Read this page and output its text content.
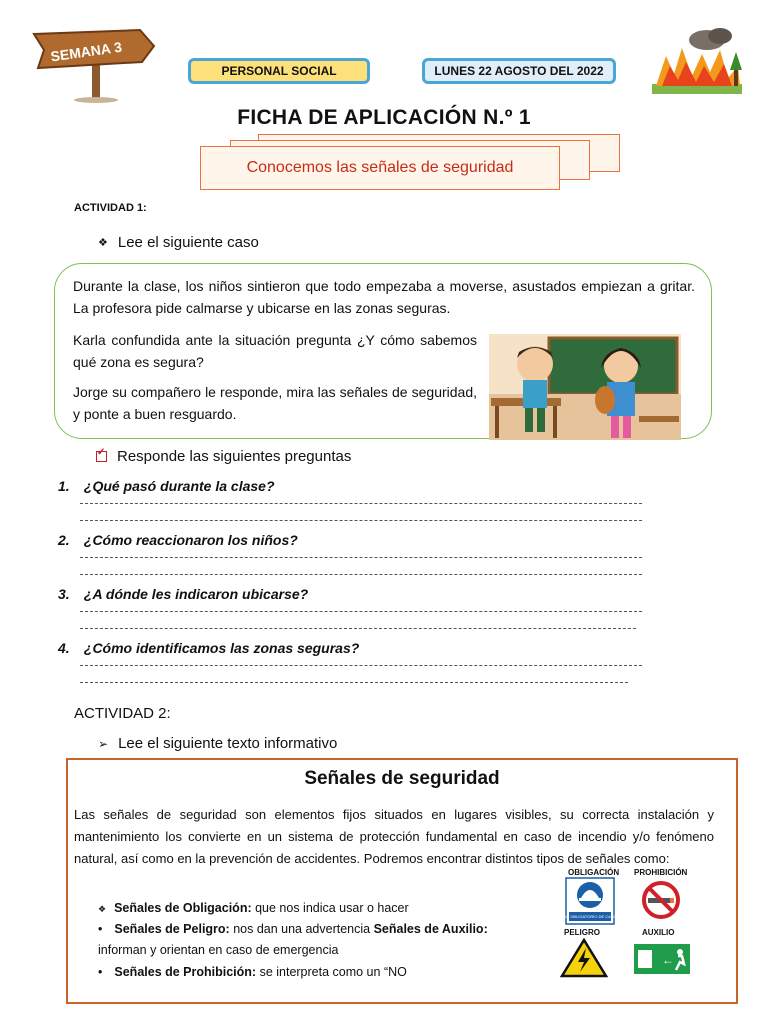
SEMANA 3
PERSONAL SOCIAL	LUNES 22 AGOSTO DEL 2022
FICHA DE APLICACIÓN N.º 1
Conocemos las señales de seguridad
ACTIVIDAD 1:
❖ Lee el siguiente caso

Durante la clase, los niños sintieron que todo empezaba a moverse, asustados empiezan a gritar. La profesora pide calmarse y ubicarse en las zonas seguras.

Karla confundida ante la situación pregunta ¿Y cómo sabemos qué zona es segura?

Jorge su compañero le responde, mira las señales de seguridad, y ponte a buen resguardo.

✓ Responde las siguientes preguntas
1. ¿Qué pasó durante la clase?
2. ¿Cómo reaccionaron los niños?
3. ¿A dónde les indicaron ubicarse?
4. ¿Cómo identificamos las zonas seguras?
ACTIVIDAD 2:
➢ Lee el siguiente texto informativo
Señales de seguridad
Las señales de seguridad son elementos fijos situados en lugares visibles, su correcta instalación y mantenimiento los convierte en un sistema de protección fundamental en caso de incendio y/o fenómeno natural, así como en la prevención de accidentes. Podremos encontrar distintos tipos de señales como:
❖ Señales de Obligación: que nos indica usar o hacer
• Señales de Peligro: nos dan una advertencia Señales de Auxilio: informan y orientan en caso de emergencia
• Señales de Prohibición: se interpreta como un “NO
OBLIGACIÓN PROHIBICIÓN
USO OBLIGATORIO DE CASCO
PELIGRO	AUXILIO
←
